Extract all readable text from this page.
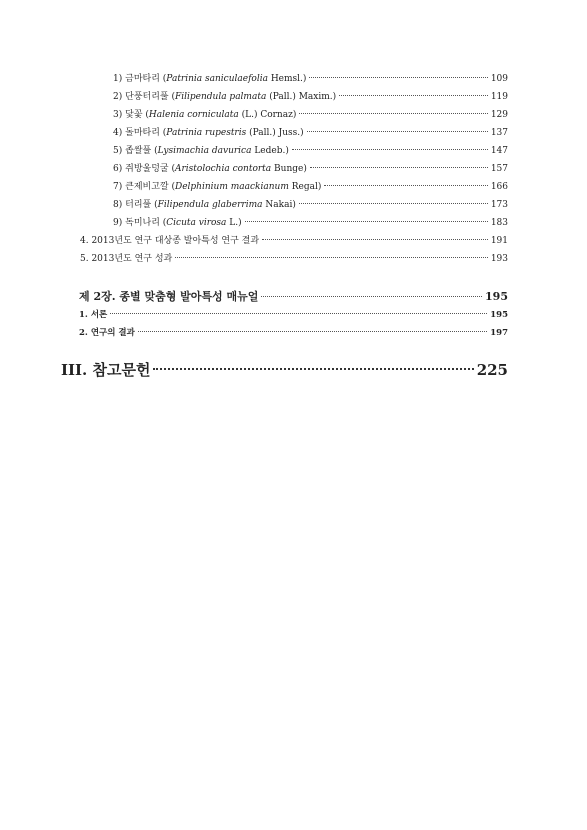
1) 금마타리 (Patrinia saniculaefolia Hemsl.)	109
2) 단풍터리풀 (Filipendula palmata (Pall.) Maxim.)	119
3) 닻꽃 (Halenia corniculata (L.) Cornaz)	129
4) 돌마타리 (Patrinia rupestris (Pall.) Juss.)	137
5) 좁쌀풀 (Lysimachia davurica Ledeb.)	147
6) 쥐방울덩굴 (Aristolochia contorta Bunge)	157
7) 큰제비고깔 (Delphinium maackianum Regal)	166
8) 터리풀 (Filipendula glaberrima Nakai)	173
9) 독미나리 (Cicuta virosa L.)	183
4. 2013년도 연구 대상종 발아특성 연구 결과	191
5. 2013년도 연구 성과	193
제 2장. 종별 맞춤형 발아특성 매뉴얼	195
1. 서론	195
2. 연구의 결과	197
III. 참고문헌	225
